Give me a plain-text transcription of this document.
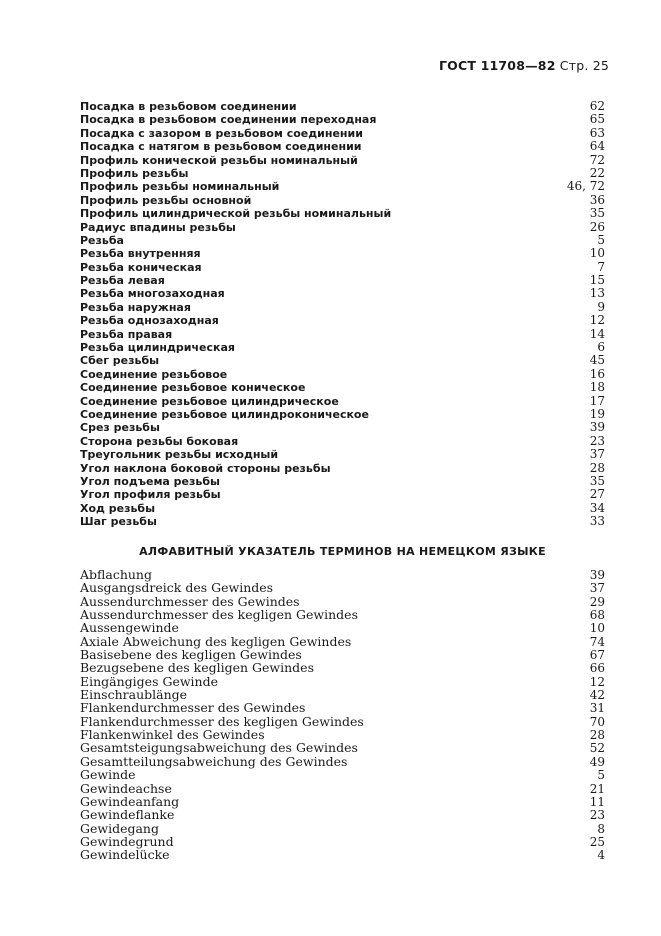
ГОСТ 11708—82 Стр. 25
Посадка в резьбовом соединении	62
Посадка в резьбовом соединении переходная	65
Посадка с зазором в резьбовом соединении	63
Посадка с натягом в резьбовом соединении	64
Профиль конической резьбы номинальный	72
Профиль резьбы	22
Профиль резьбы номинальный	46, 72
Профиль резьбы основной	36
Профиль цилиндрической резьбы номинальный	35
Радиус впадины резьбы	26
Резьба	5
Резьба внутренняя	10
Резьба коническая	7
Резьба левая	15
Резьба многозаходная	13
Резьба наружная	9
Резьба однозаходная	12
Резьба правая	14
Резьба цилиндрическая	6
Сбег резьбы	45
Соединение резьбовое	16
Соединение резьбовое коническое	18
Соединение резьбовое цилиндрическое	17
Соединение резьбовое цилиндроконическое	19
Срез резьбы	39
Сторона резьбы боковая	23
Треугольник резьбы исходный	37
Угол наклона боковой стороны резьбы	28
Угол подъема резьбы	35
Угол профиля резьбы	27
Ход резьбы	34
Шаг резьбы	33
АЛФАВИТНЫЙ УКАЗАТЕЛЬ ТЕРМИНОВ НА НЕМЕЦКОМ ЯЗЫКЕ
Abflachung	39
Ausgangsdreick des Gewindes	37
Aussendurchmesser des Gewindes	29
Aussendurchmesser des kegligen Gewindes	68
Aussengewinde	10
Axiale Abweichung des kegligen Gewindes	74
Basisebene des kegligen Gewindes	67
Bezugsebene des kegligen Gewindes	66
Eingängiges Gewinde	12
Einschraublänge	42
Flankendurchmesser des Gewindes	31
Flankendurchmesser des kegligen Gewindes	70
Flankenwinkel des Gewindes	28
Gesamtsteigungsabweichung des Gewindes	52
Gesamtteilungsabweichung des Gewindes	49
Gewinde	5
Gewindeachse	21
Gewindeanfang	11
Gewindeflanke	23
Gewidegang	8
Gewindegrund	25
Gewindelücke	4
